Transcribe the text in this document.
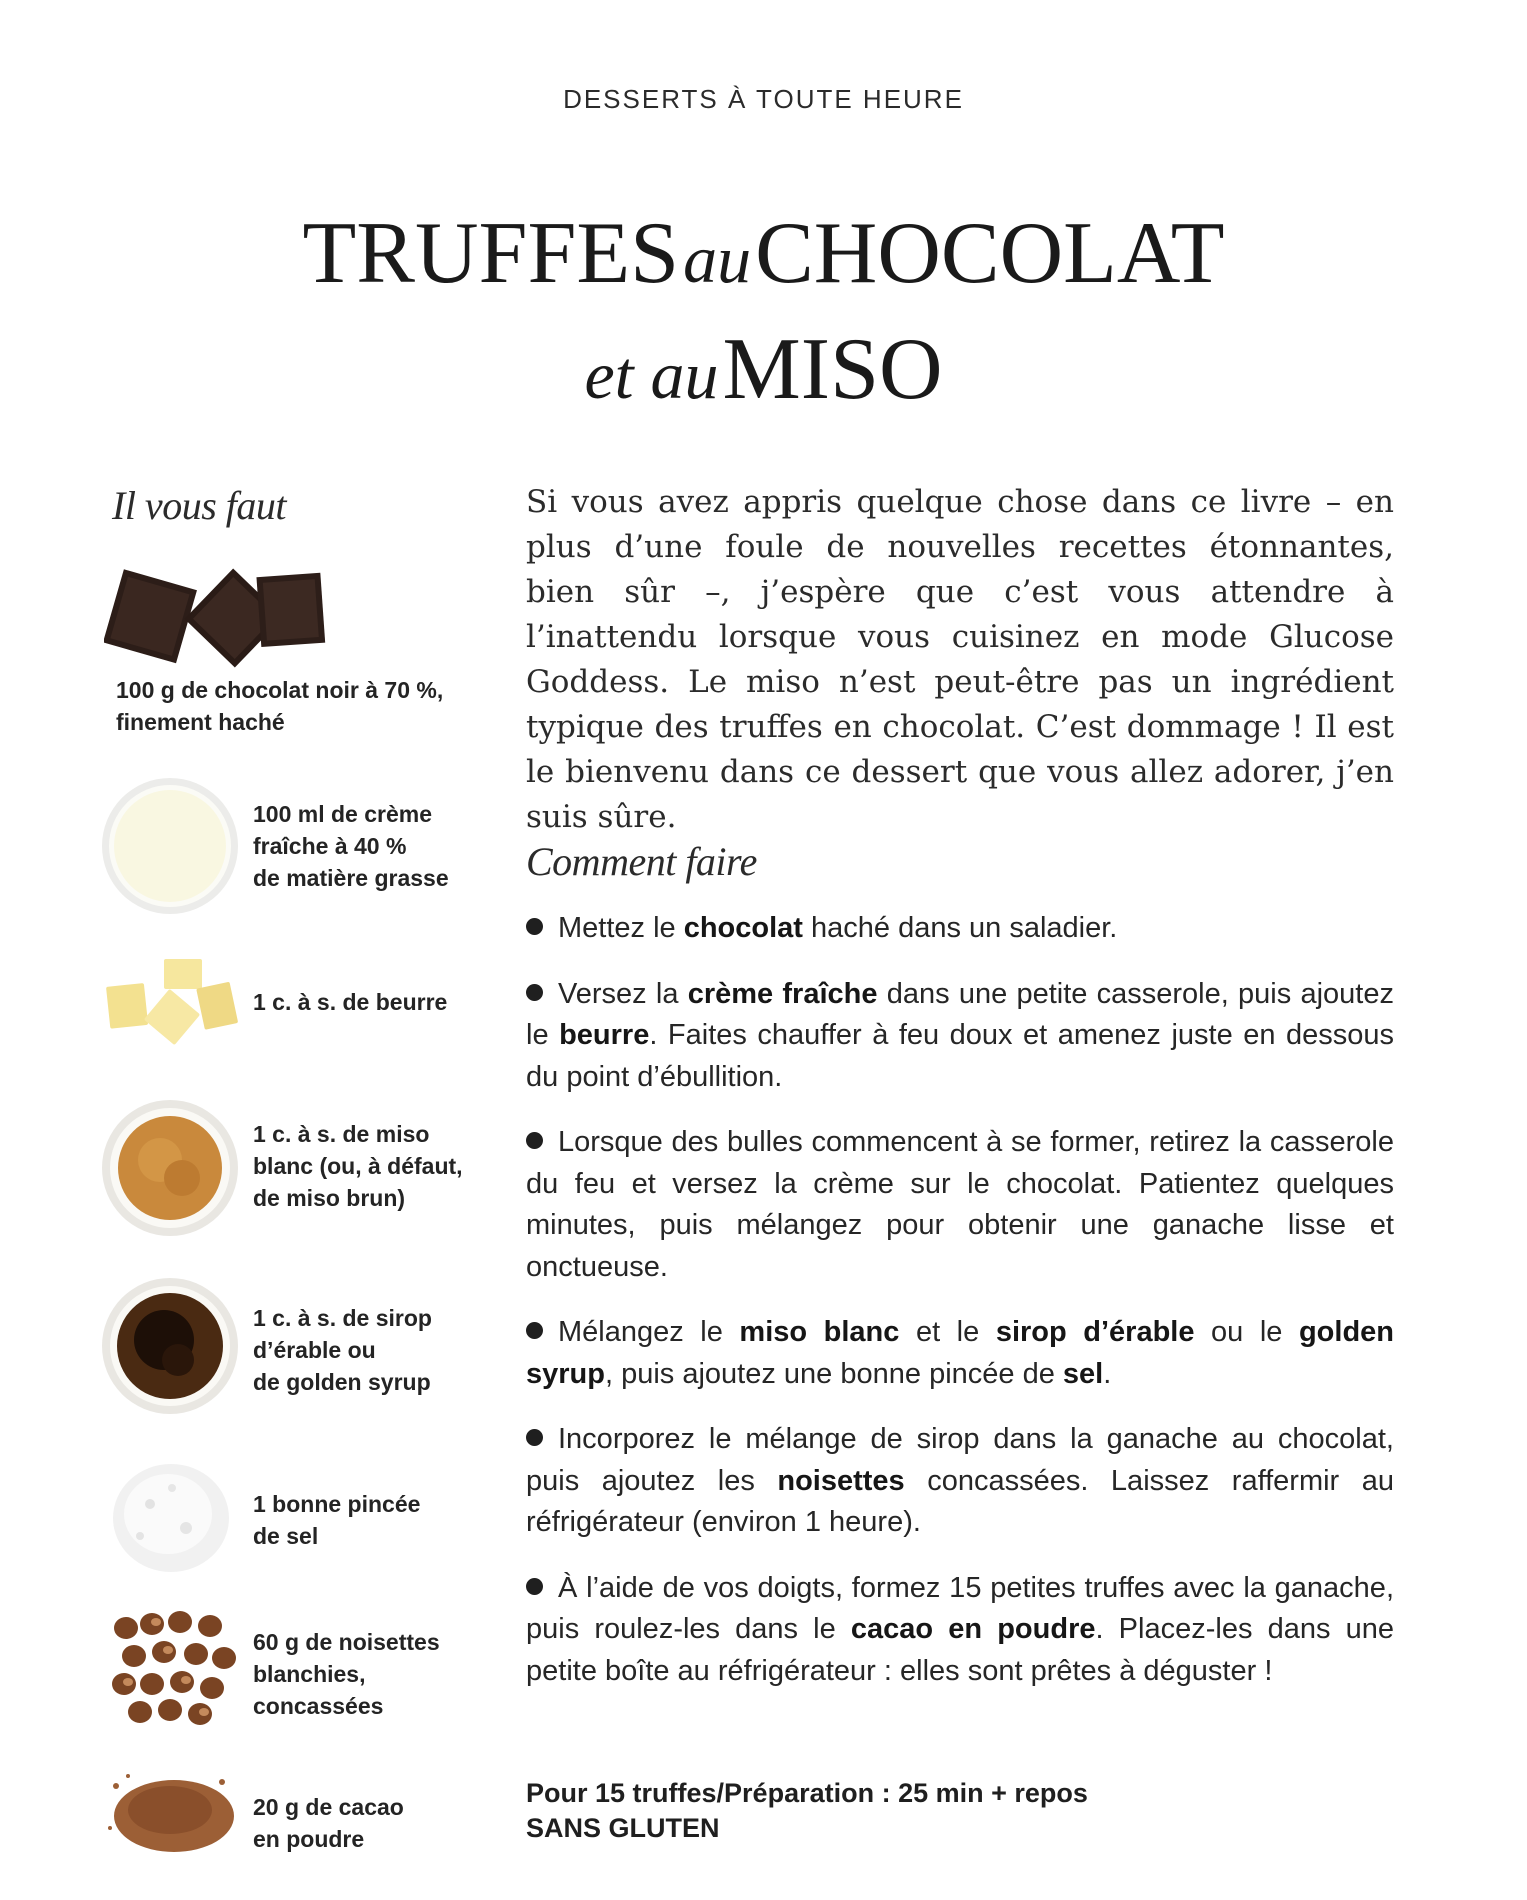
DESSERTS À TOUTE HEURE
TRUFFES au CHOCOLAT
et au MISO
Il vous faut
100 g de chocolat noir à 70 %,
finement haché
100 ml de crème
fraîche à 40 %
de matière grasse
1 c. à s. de beurre
1 c. à s. de miso
blanc (ou, à défaut,
de miso brun)
1 c. à s. de sirop
d’érable ou
de golden syrup
1 bonne pincée
de sel
60 g de noisettes
blanchies,
concassées
20 g de cacao
en poudre
Si vous avez appris quelque chose dans ce livre – en plus d’une foule de nouvelles recettes étonnantes, bien sûr –, j’espère que c’est vous attendre à l’inattendu lorsque vous cuisinez en mode Glucose Goddess. Le miso n’est peut-être pas un ingrédient typique des truffes en chocolat. C’est dommage ! Il est le bienvenu dans ce dessert que vous allez adorer, j’en suis sûre.
Comment faire
Mettez le chocolat haché dans un saladier.
Versez la crème fraîche dans une petite casserole, puis ajoutez le beurre. Faites chauffer à feu doux et amenez juste en dessous du point d’ébullition.
Lorsque des bulles commencent à se former, retirez la casserole du feu et versez la crème sur le chocolat. Patientez quelques minutes, puis mélangez pour obtenir une ganache lisse et onctueuse.
Mélangez le miso blanc et le sirop d’érable ou le golden syrup, puis ajoutez une bonne pincée de sel.
Incorporez le mélange de sirop dans la ganache au chocolat, puis ajoutez les noisettes concassées. Laissez raffermir au réfrigérateur (environ 1 heure).
À l’aide de vos doigts, formez 15 petites truffes avec la ganache, puis roulez-les dans le cacao en poudre. Placez-les dans une petite boîte au réfrigérateur : elles sont prêtes à déguster !
Pour 15 truffes/Préparation : 25 min + repos
SANS GLUTEN
